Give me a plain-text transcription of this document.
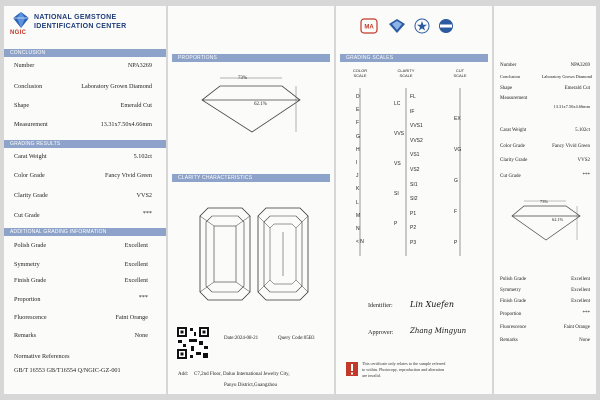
NGIC
NATIONAL GEMSTONE
IDENTIFICATION CENTER
CONCLUSION
Number	NPA3269
Conclusion	Laboratory Grown Diamond
Shape	Emerald Cut
Measurement	13.31x7.50x4.66mm
GRADING RESULTS
Carat Weight	5.102ct
Color Grade	Fancy Vivid Green
Clarity Grade	VVS2
Cut Grade	***
ADDITIONAL GRADING INFORMATION
Polish Grade	Excellent
Symmetry	Excellent
Finish Grade	Excellent
Proportion	***
Fluorescence	Faint Orange
Remarks	None
Normative References
GB/T 16553 GB/T16554 Q/NGIC-GZ-001
PROPORTIONS
73%
62.1%
CLARITY CHARACTERISTICS
Date:2024-08-21	Query Code:05B3
Add: C7,2nd Floor, Daluo International Jewelry City,
Panyu District,Guangzhou
MA
GRADING SCALES
COLOR
SCALE
CLARITY
SCALE
CUT
SCALE
D
E
F
G
H
I
J
K
L
M
N
< N
FL
IF
VVS1
VVS2
VS1
VS2
SI1
SI2
P1
P2
P3
LC
VVS
VS
SI
P
EX
VG
G
F
P
Identifier: Lin Xuefen
Approver: Zhang Mingyun
This certificate only relates to the sample referred
to within. Photocopy, reproduction and alteration
are invalid.
Number	NPA3269
Conclusion	Laboratory Grown Diamond
Shape	Emerald Cut
Measurement
13.31x7.50x4.66mm
Carat Weight	5.102ct
Color Grade	Fancy Vivid Green
Clarity Grade	VVS2
Cut Grade	***
73%
62.1%
Polish Grade	Excellent
Symmetry	Excellent
Finish Grade	Excellent
Proportion	***
Fluorescence	Faint Orange
Remarks	None
